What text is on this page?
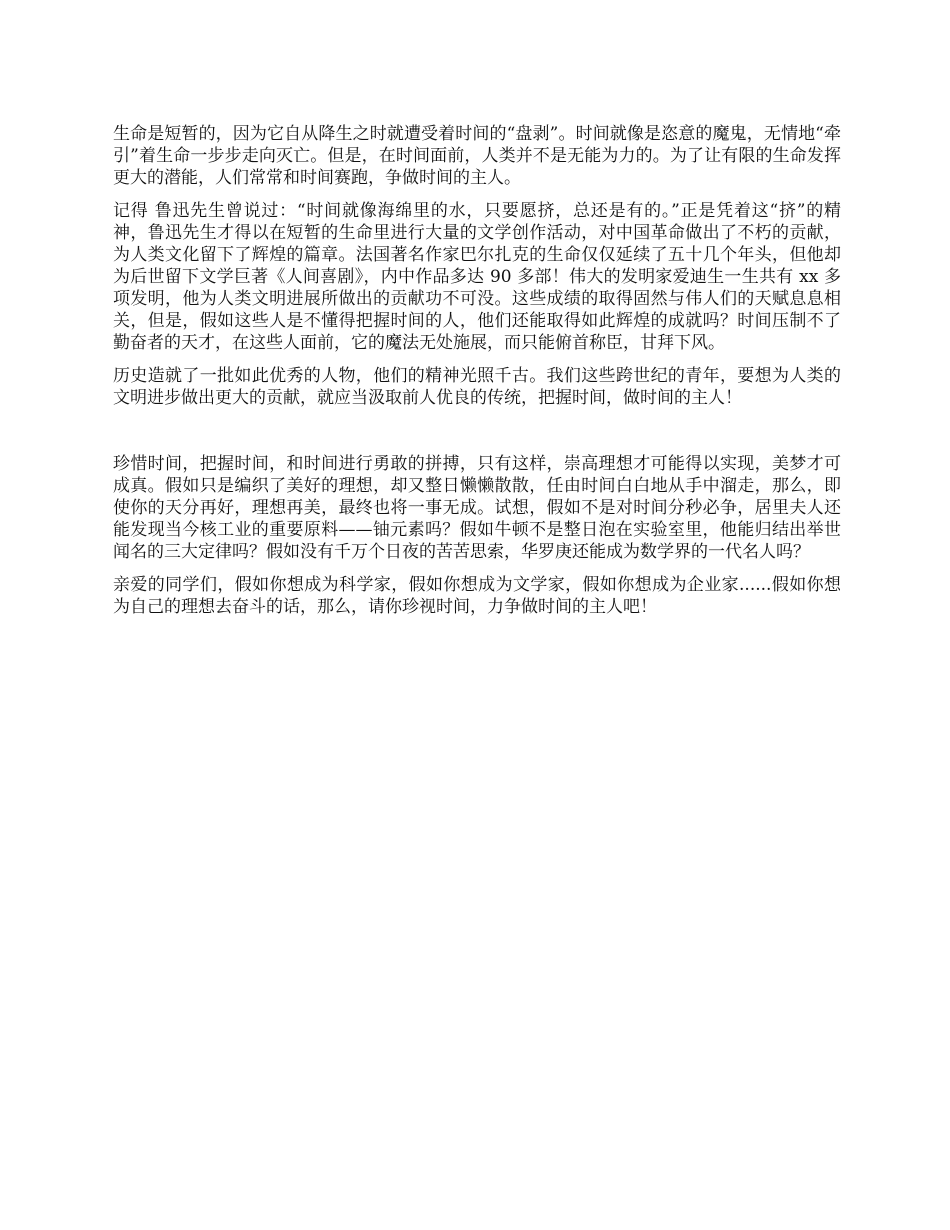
生命是短暂的，因为它自从降生之时就遭受着时间的“盘剥”。时间就像是恣意的魔鬼，无情地“牵引”着生命一步步走向灭亡。但是，在时间面前，人类并不是无能为力的。为了让有限的生命发挥更大的潜能，人们常常和时间赛跑，争做时间的主人。

记得 鲁迅先生曾说过：“时间就像海绵里的水，只要愿挤，总还是有的。”正是凭着这“挤”的精神，鲁迅先生才得以在短暂的生命里进行大量的文学创作活动，对中国革命做出了不朽的贡献，为人类文化留下了辉煌的篇章。法国著名作家巴尔扎克的生命仅仅延续了五十几个年头，但他却为后世留下文学巨著《人间喜剧》，内中作品多达 90 多部！伟大的发明家爱迪生一生共有 xx 多项发明，他为人类文明进展所做出的贡献功不可没。这些成绩的取得固然与伟人们的天赋息息相关，但是，假如这些人是不懂得把握时间的人，他们还能取得如此辉煌的成就吗？时间压制不了勤奋者的天才，在这些人面前，它的魔法无处施展，而只能俯首称臣，甘拜下风。

历史造就了一批如此优秀的人物，他们的精神光照千古。我们这些跨世纪的青年，要想为人类的文明进步做出更大的贡献，就应当汲取前人优良的传统，把握时间，做时间的主人！

珍惜时间，把握时间，和时间进行勇敢的拼搏，只有这样，崇高理想才可能得以实现，美梦才可成真。假如只是编织了美好的理想，却又整日懒懒散散，任由时间白白地从手中溜走，那么，即使你的天分再好，理想再美，最终也将一事无成。试想，假如不是对时间分秒必争，居里夫人还能发现当今核工业的重要原料——铀元素吗？假如牛顿不是整日泡在实验室里，他能归结出举世闻名的三大定律吗？假如没有千万个日夜的苦苦思索，华罗庚还能成为数学界的一代名人吗？

亲爱的同学们，假如你想成为科学家，假如你想成为文学家，假如你想成为企业家......假如你想为自己的理想去奋斗的话，那么，请你珍视时间，力争做时间的主人吧！
